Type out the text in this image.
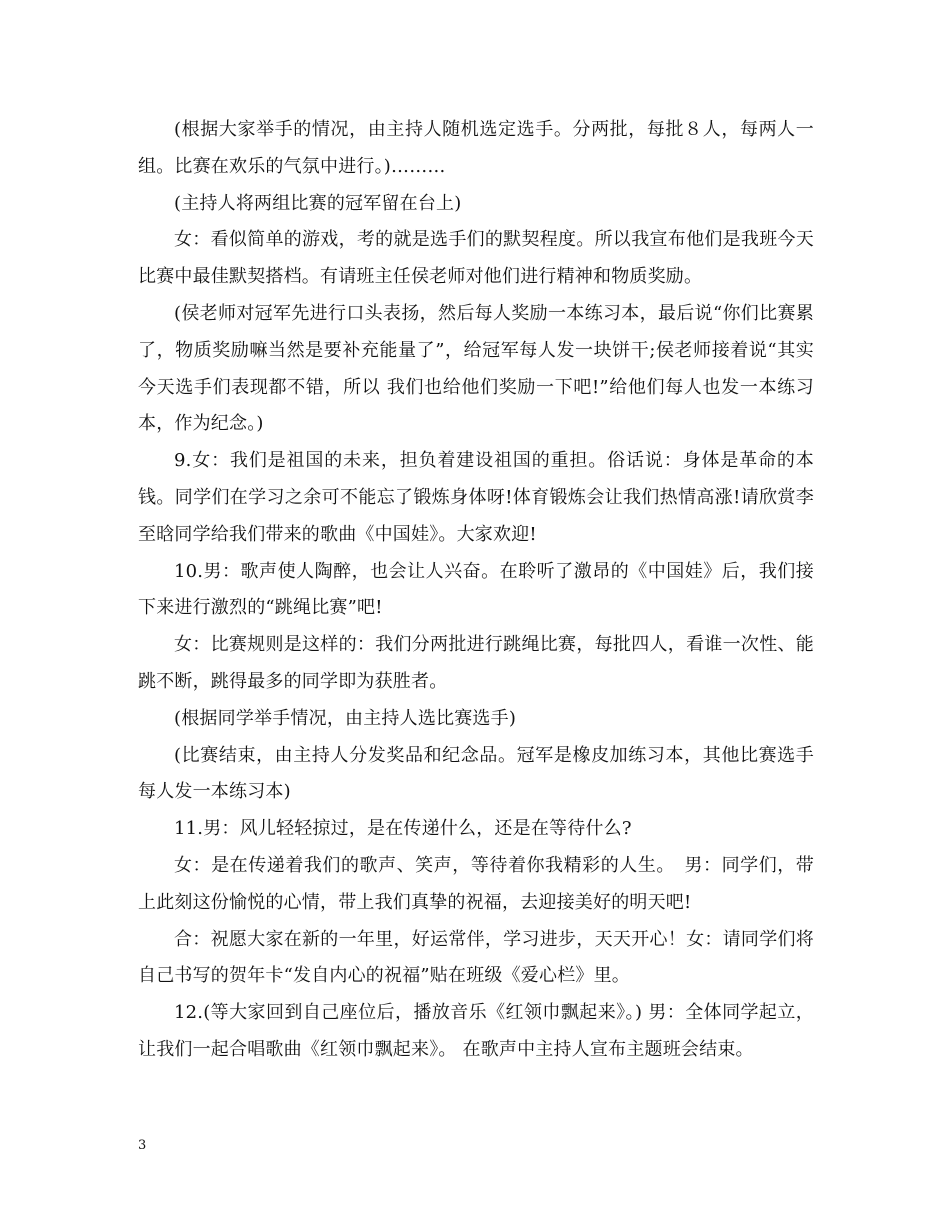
(根据大家举手的情况，由主持人随机选定选手。分两批，每批８人，每两人一组。比赛在欢乐的气氛中进行。)………

(主持人将两组比赛的冠军留在台上)

女：看似简单的游戏，考的就是选手们的默契程度。所以我宣布他们是我班今天比赛中最佳默契搭档。有请班主任侯老师对他们进行精神和物质奖励。

(侯老师对冠军先进行口头表扬，然后每人奖励一本练习本，最后说“你们比赛累了，物质奖励嘛当然是要补充能量了”，给冠军每人发一块饼干;侯老师接着说“其实今天选手们表现都不错，所以 我们也给他们奖励一下吧!”给他们每人也发一本练习本，作为纪念。)

9.女：我们是祖国的未来，担负着建设祖国的重担。俗话说：身体是革命的本钱。同学们在学习之余可不能忘了锻炼身体呀!体育锻炼会让我们热情高涨!请欣赏李至晗同学给我们带来的歌曲《中国娃》。大家欢迎!

10.男：歌声使人陶醉，也会让人兴奋。在聆听了激昂的《中国娃》后，我们接下来进行激烈的“跳绳比赛”吧!

女：比赛规则是这样的：我们分两批进行跳绳比赛，每批四人，看谁一次性、能跳不断，跳得最多的同学即为获胜者。

(根据同学举手情况，由主持人选比赛选手)

(比赛结束，由主持人分发奖品和纪念品。冠军是橡皮加练习本，其他比赛选手每人发一本练习本)

11.男：风儿轻轻掠过，是在传递什么，还是在等待什么?

女：是在传递着我们的歌声、笑声，等待着你我精彩的人生。　男：同学们，带上此刻这份愉悦的心情，带上我们真挚的祝福，去迎接美好的明天吧!

合：祝愿大家在新的一年里，好运常伴，学习进步，天天开心！女：请同学们将自己书写的贺年卡“发自内心的祝福”贴在班级《爱心栏》里。

12.(等大家回到自己座位后，播放音乐《红领巾飘起来》。) 男：全体同学起立，让我们一起合唱歌曲《红领巾飘起来》。 在歌声中主持人宣布主题班会结束。

3
